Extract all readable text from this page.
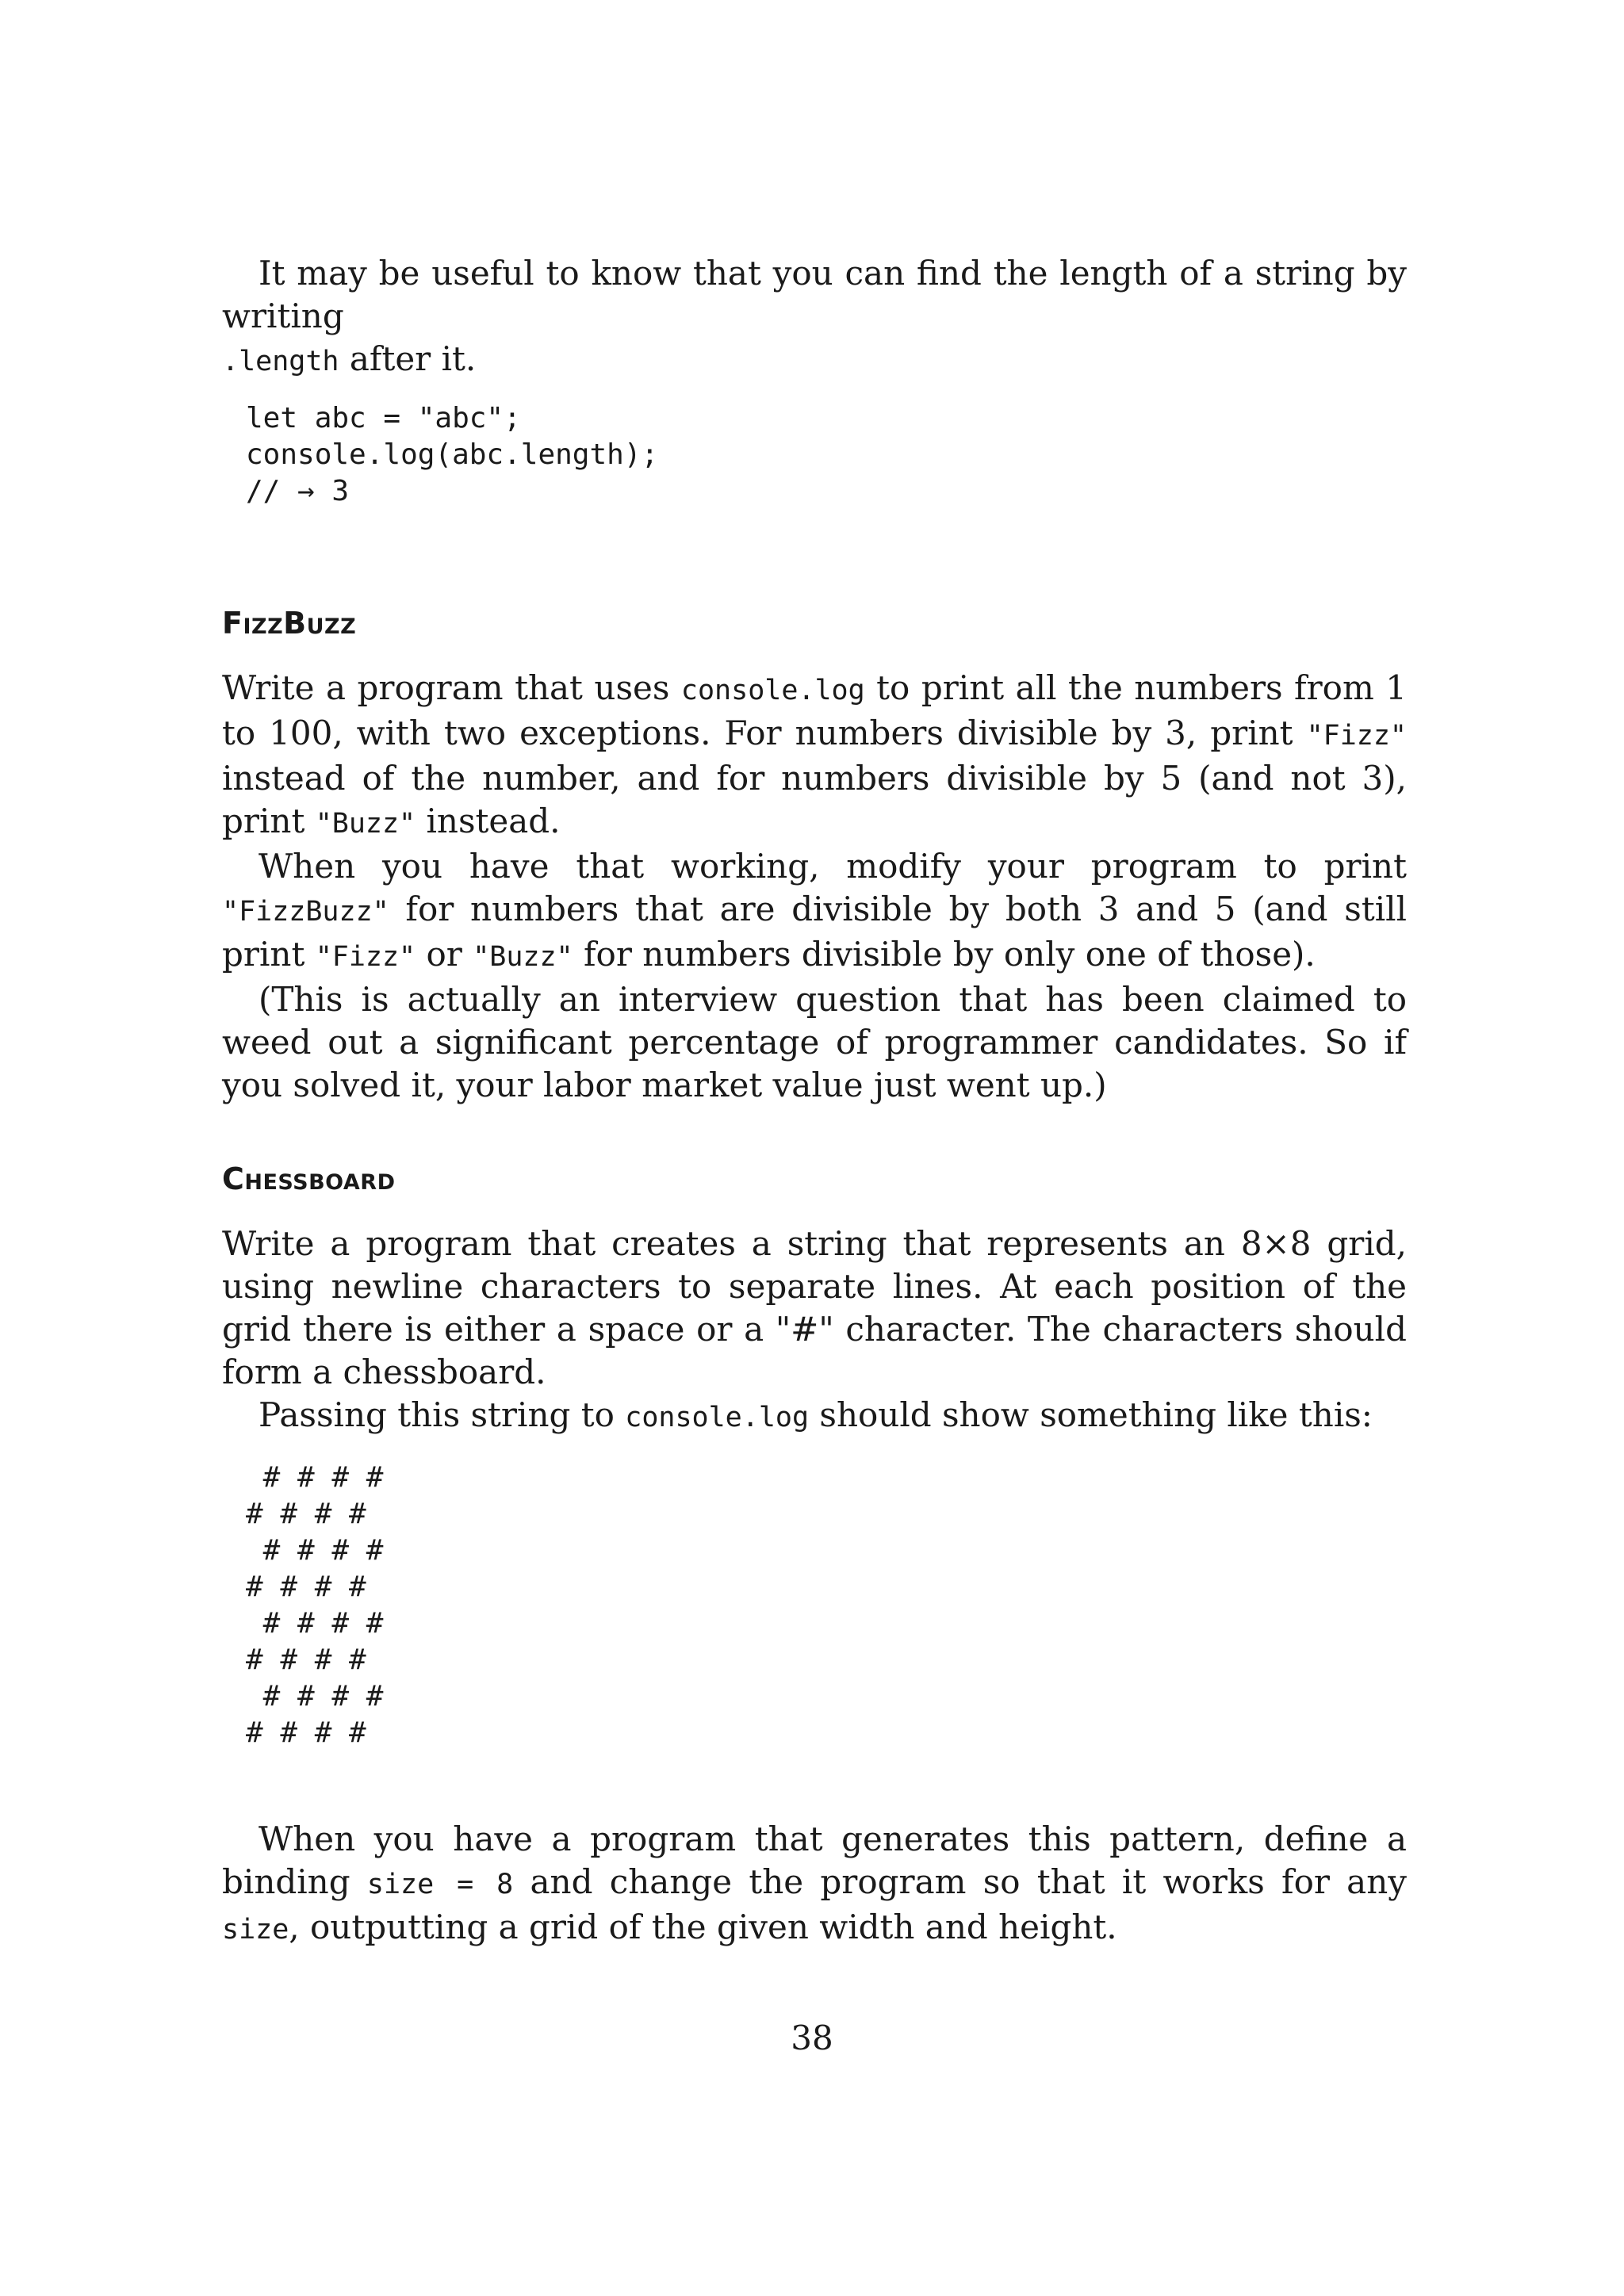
It may be useful to know that you can find the length of a string by writing
.length after it.

let abc = "abc";
console.log(abc.length);
// → 3
FizzBuzz

Write a program that uses console.log to print all the numbers from 1 to 100, with two exceptions. For numbers divisible by 3, print "Fizz" instead of the number, and for numbers divisible by 5 (and not 3), print "Buzz" instead.

When you have that working, modify your program to print "FizzBuzz" for numbers that are divisible by both 3 and 5 (and still print "Fizz" or "Buzz" for numbers divisible by only one of those).

(This is actually an interview question that has been claimed to weed out a significant percentage of programmer candidates. So if you solved it, your labor market value just went up.)

Chessboard

Write a program that creates a string that represents an 8×8 grid, using newline characters to separate lines. At each position of the grid there is either a space or a "#" character. The characters should form a chessboard.

Passing this string to console.log should show something like this:

# # # #
# # # #
# # # #
# # # #
# # # #
# # # #
# # # #
# # # #

When you have a program that generates this pattern, define a binding size = 8 and change the program so that it works for any size, outputting a grid of the given width and height.

38
